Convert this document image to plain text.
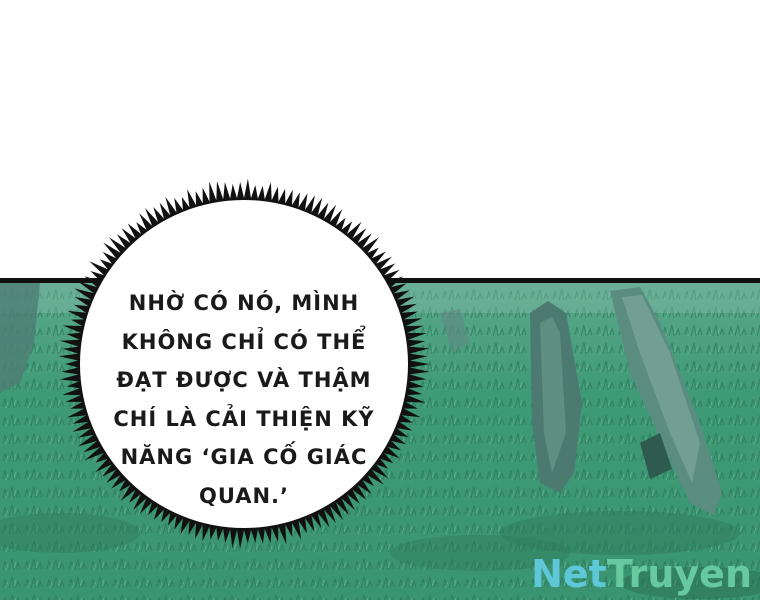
NHỜ CÓ NÓ, MÌNH
KHÔNG CHỈ CÓ THỂ
ĐẠT ĐƯỢC VÀ THẬM
CHÍ LÀ CẢI THIỆN KỸ
NĂNG ‘GIA CỐ GIÁC
QUAN.’
NetTruyen
